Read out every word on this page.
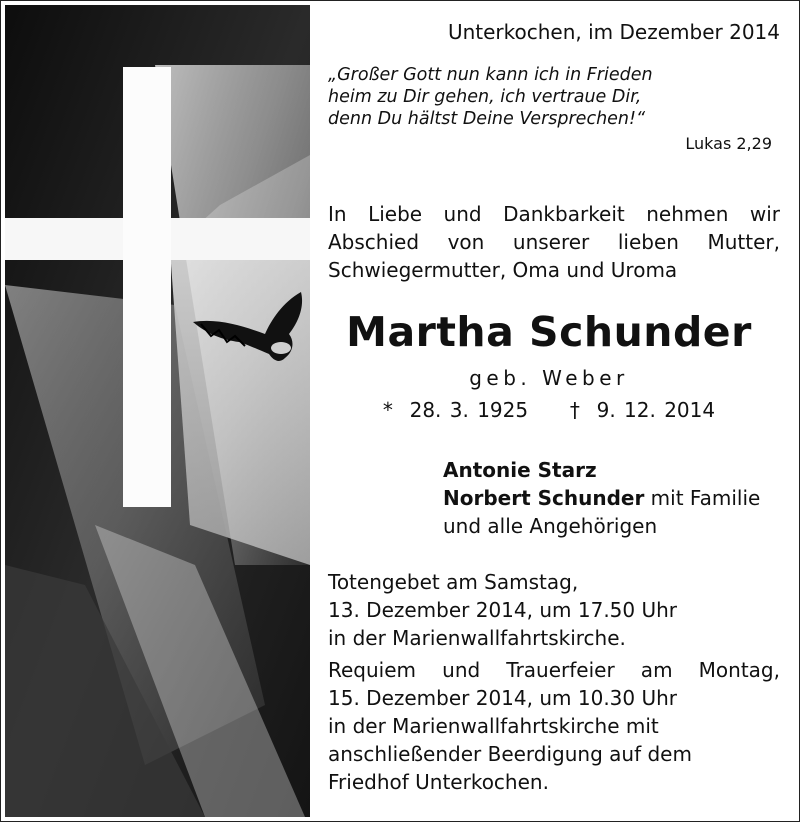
Unterkochen, im Dezember 2014
„Großer Gott nun kann ich in Frieden
heim zu Dir gehen, ich vertraue Dir,
denn Du hältst Deine Versprechen!“
Lukas 2,29
In Liebe und Dankbarkeit nehmen wir
Abschied von unserer lieben Mutter,
Schwiegermutter, Oma und Uroma
Martha Schunder
geb. Weber
*  28. 3. 1925     †  9. 12. 2014
Antonie Starz
Norbert Schunder mit Familie
und alle Angehörigen
Totengebet am Samstag,
13. Dezember 2014, um 17.50 Uhr
in der Marienwallfahrtskirche.
Requiem und Trauerfeier am Montag,
15. Dezember 2014, um 10.30 Uhr
in der Marienwallfahrtskirche mit
anschließender Beerdigung auf dem
Friedhof Unterkochen.
